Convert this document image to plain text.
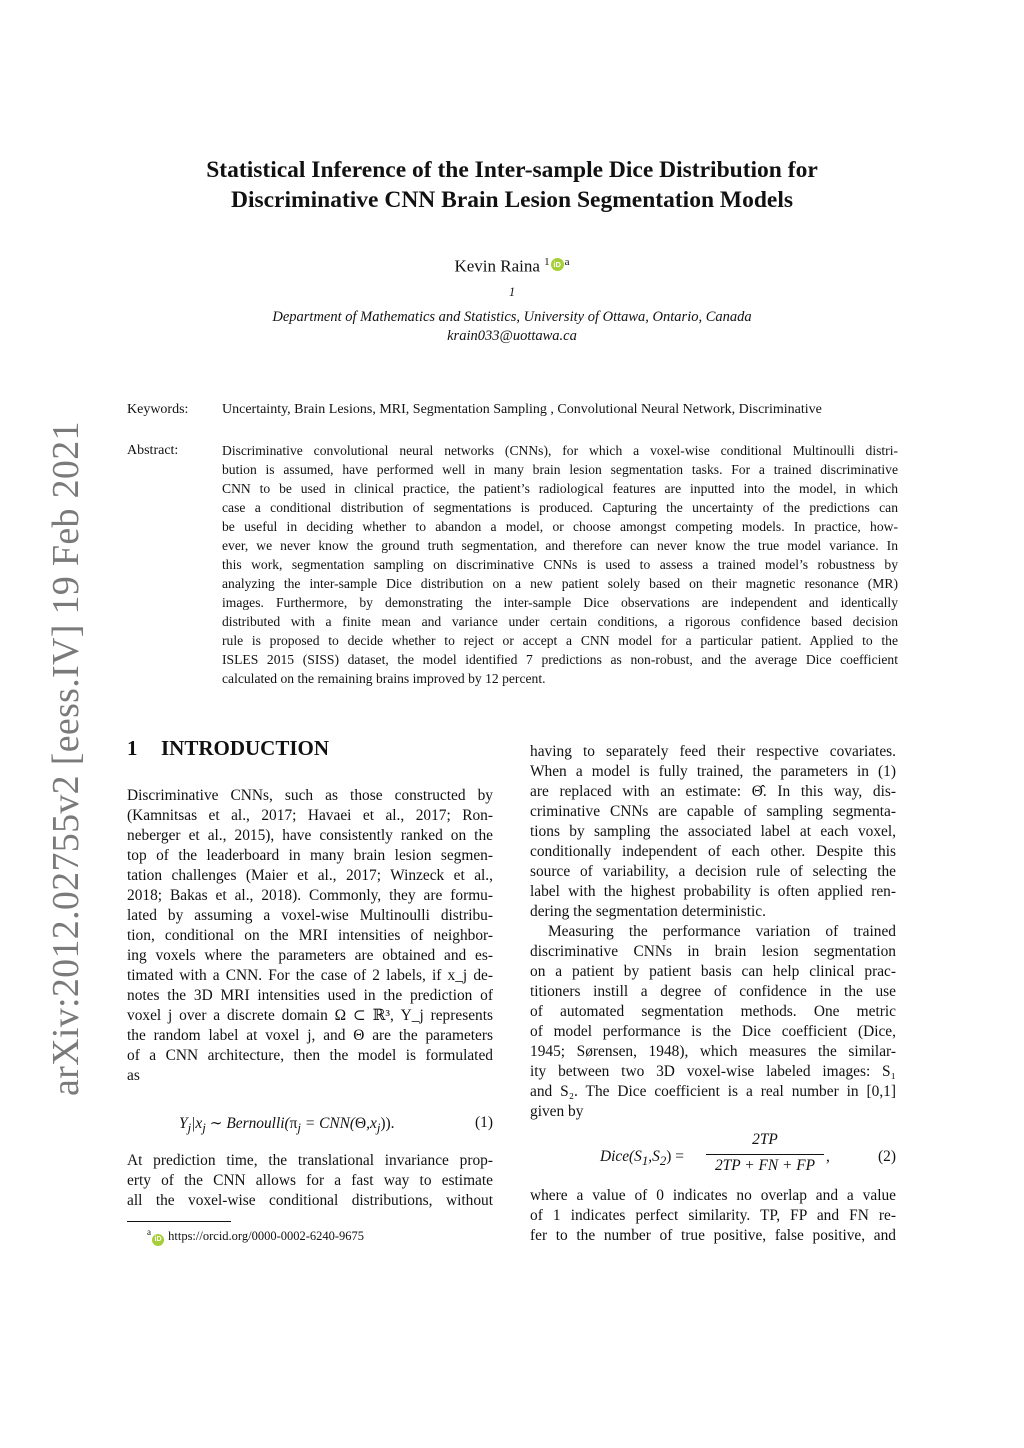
arXiv:2012.02755v2 [eess.IV] 19 Feb 2021
Statistical Inference of the Inter-sample Dice Distribution for
Discriminative CNN Brain Lesion Segmentation Models
Kevin Raina $^1$ iD $^a$
$^1$
Department of Mathematics and Statistics, University of Ottawa, Ontario, Canada
krain033@uottawa.ca
Keywords: Uncertainty, Brain Lesions, MRI, Segmentation Sampling , Convolutional Neural Network, Discriminative
Abstract:	Discriminative convolutional neural networks (CNNs), for which a voxel-wise conditional Multinoulli distri-
bution is assumed, have performed well in many brain lesion segmentation tasks. For a trained discriminative
CNN to be used in clinical practice, the patient’s radiological features are inputted into the model, in which
case a conditional distribution of segmentations is produced. Capturing the uncertainty of the predictions can
be useful in deciding whether to abandon a model, or choose amongst competing models. In practice, how-
ever, we never know the ground truth segmentation, and therefore can never know the true model variance. In
this work, segmentation sampling on discriminative CNNs is used to assess a trained model’s robustness by
analyzing the inter-sample Dice distribution on a new patient solely based on their magnetic resonance (MR)
images. Furthermore, by demonstrating the inter-sample Dice observations are independent and identically
distributed with a finite mean and variance under certain conditions, a rigorous confidence based decision
rule is proposed to decide whether to reject or accept a CNN model for a particular patient. Applied to the
ISLES 2015 (SISS) dataset, the model identified 7 predictions as non-robust, and the average Dice coefficient
calculated on the remaining brains improved by 12 percent.
1 INTRODUCTION
Discriminative CNNs, such as those constructed by
(Kamnitsas et al., 2017; Havaei et al., 2017; Ron-
neberger et al., 2015), have consistently ranked on the
top of the leaderboard in many brain lesion segmen-
tation challenges (Maier et al., 2017; Winzeck et al.,
2018; Bakas et al., 2018). Commonly, they are formu-
lated by assuming a voxel-wise Multinoulli distribu-
tion, conditional on the MRI intensities of neighbor-
ing voxels where the parameters are obtained and es-
timated with a CNN. For the case of 2 labels, if x_j de-
notes the 3D MRI intensities used in the prediction of
voxel j over a discrete domain Ω ⊂ ℝ³, Y_j represents
the random label at voxel j, and Θ are the parameters
of a CNN architecture, then the model is formulated
as
$Y_j|x_j$ ∼ $Bernoulli(\pi_j = CNN(\Theta,x_j))$.	(1)
At prediction time, the translational invariance prop-
erty of the CNN allows for a fast way to estimate
all the voxel-wise conditional distributions, without
$^a$iD https://orcid.org/0000-0002-6240-9675
having to separately feed their respective covariates.
When a model is fully trained, the parameters in (1)
are replaced with an estimate: Θ̂. In this way, dis-
criminative CNNs are capable of sampling segmenta-
tions by sampling the associated label at each voxel,
conditionally independent of each other. Despite this
source of variability, a decision rule of selecting the
label with the highest probability is often applied ren-
dering the segmentation deterministic.
Measuring the performance variation of trained
discriminative CNNs in brain lesion segmentation
on a patient by patient basis can help clinical prac-
titioners instill a degree of confidence in the use
of automated segmentation methods. One metric
of model performance is the Dice coefficient (Dice,
1945; Sørensen, 1948), which measures the similar-
ity between two 3D voxel-wise labeled images: S₁
and S₂. The Dice coefficient is a real number in [0,1]
given by
$Dice(S_1,S_2)$ =
2TP
2TP + FN + FP
,	(2)
where a value of 0 indicates no overlap and a value
of 1 indicates perfect similarity. TP, FP and FN re-
fer to the number of true positive, false positive, and
